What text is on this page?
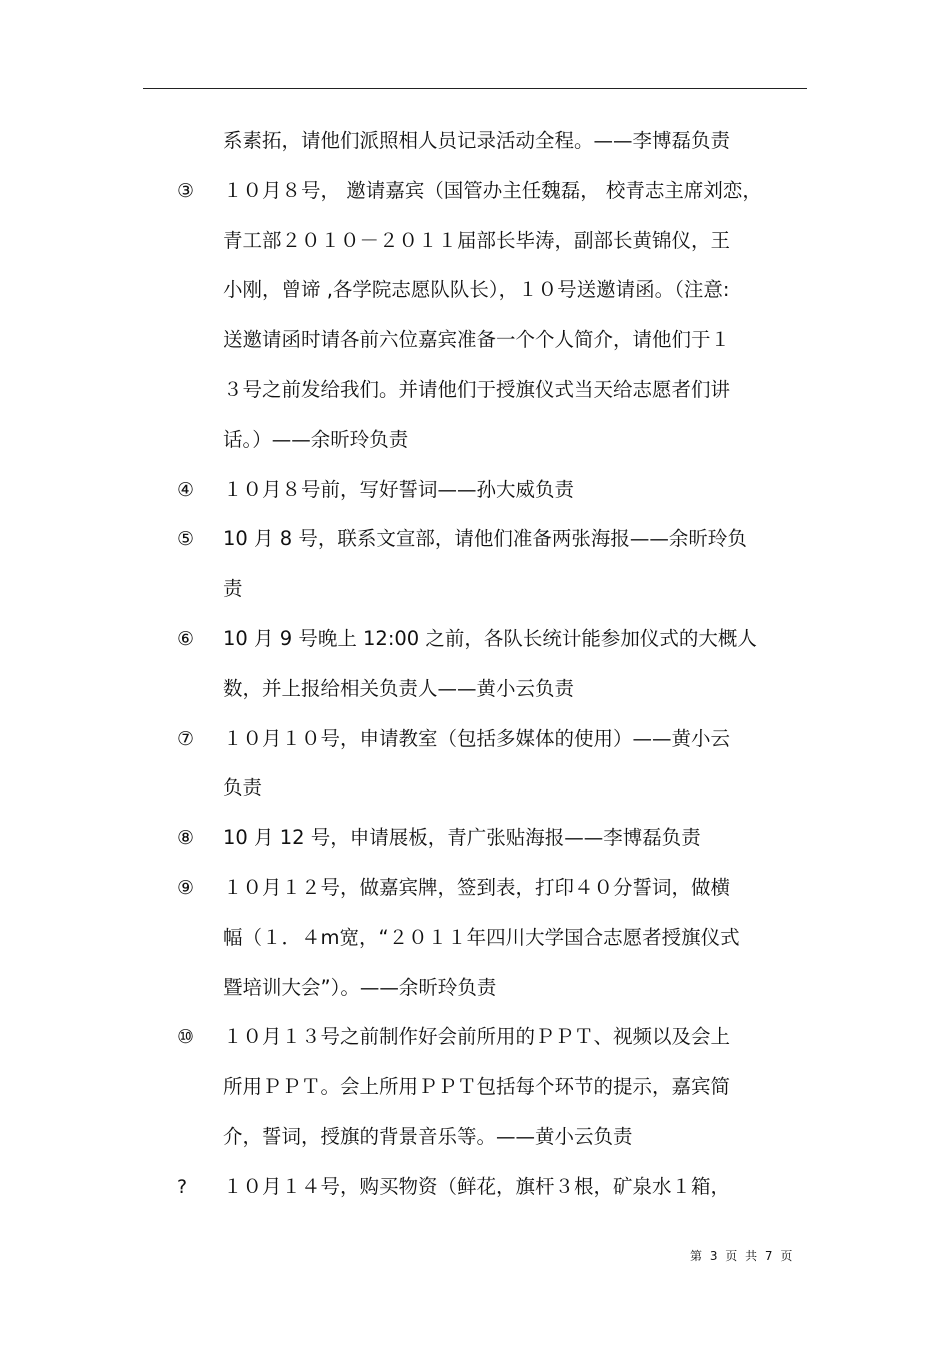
系素拓，请他们派照相人员记录活动全程。——李博磊负责
③	１０月８号， 邀请嘉宾（国管办主任魏磊， 校青志主席刘恋，
青工部２０１０－２０１１届部长毕涛，副部长黄锦仪，王
小刚，曾谛 ,各学院志愿队队长），１０号送邀请函。（注意:
送邀请函时请各前六位嘉宾准备一个个人简介，请他们于１
３号之前发给我们。并请他们于授旗仪式当天给志愿者们讲
话。）——余昕玲负责
④	１０月８号前，写好誓词——孙大威负责
⑤	10 月 8 号，联系文宣部，请他们准备两张海报——余昕玲负
责
⑥	10 月 9 号晚上 12:00 之前，各队长统计能参加仪式的大概人
数，并上报给相关负责人——黄小云负责
⑦	１０月１０号，申请教室（包括多媒体的使用）——黄小云
负责
⑧	10 月 12 号，申请展板，青广张贴海报——李博磊负责
⑨	１０月１２号，做嘉宾牌，签到表，打印４０分誓词，做横
幅（１．４m宽，“２０１１年四川大学国合志愿者授旗仪式
暨培训大会”）。——余昕玲负责
⑩	１０月１３号之前制作好会前所用的ＰＰＴ、视频以及会上
所用ＰＰＴ。会上所用ＰＰＴ包括每个环节的提示，嘉宾简
介，誓词，授旗的背景音乐等。——黄小云负责
?	１０月１４号，购买物资（鲜花，旗杆３根，矿泉水１箱，
第 3 页 共 7 页
